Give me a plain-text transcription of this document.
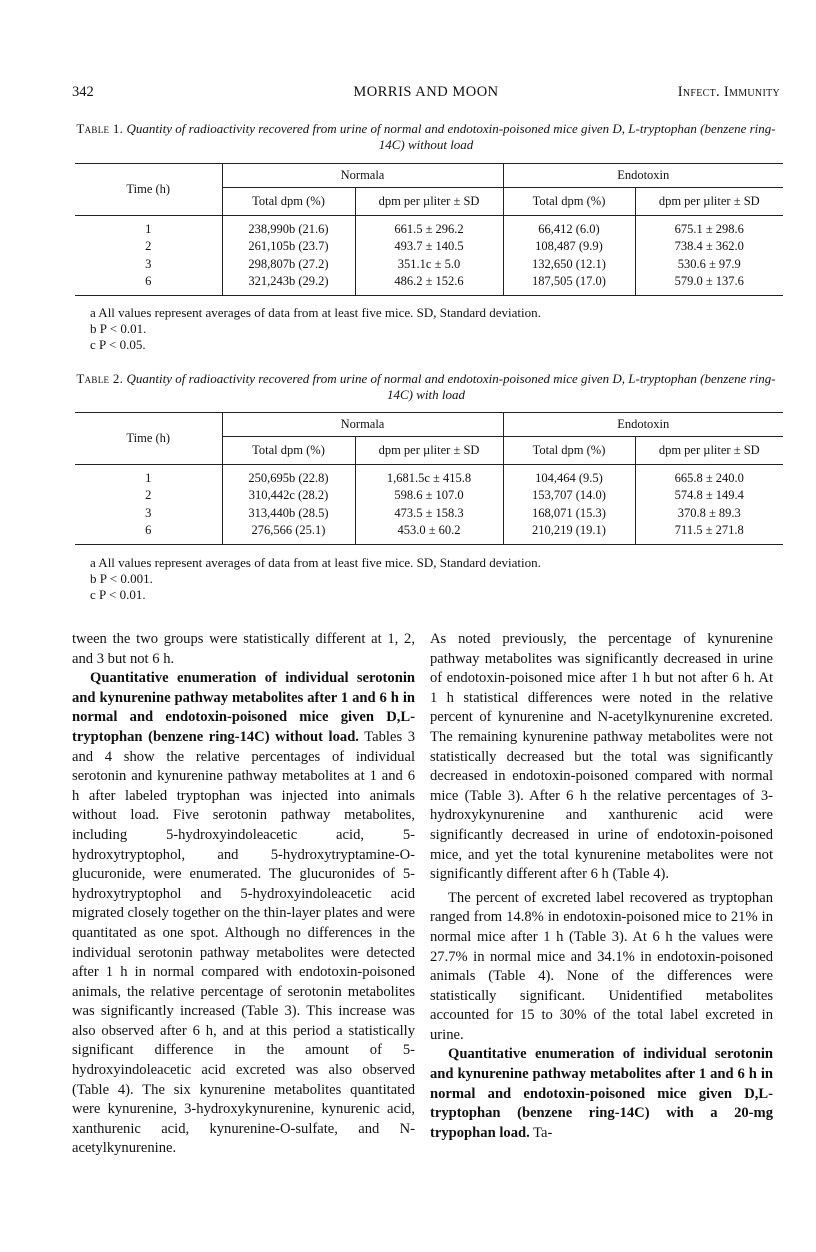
342	MORRIS AND MOON	Infect. Immunity
Table 1. Quantity of radioactivity recovered from urine of normal and endotoxin-poisoned mice given D, L-tryptophan (benzene ring-14C) without load
Time (h)	Normala		Endotoxin	
	Total dpm (%)	dpm per µliter ± SD	Total dpm (%)	dpm per µliter ± SD
1	238,990b (21.6)	661.5 ± 296.2	66,412 (6.0)	675.1 ± 298.6
2	261,105b (23.7)	493.7 ± 140.5	108,487 (9.9)	738.4 ± 362.0
3	298,807b (27.2)	351.1c ± 5.0	132,650 (12.1)	530.6 ± 97.9
6	321,243b (29.2)	486.2 ± 152.6	187,505 (17.0)	579.0 ± 137.6
a All values represent averages of data from at least five mice. SD, Standard deviation.
b P < 0.01.
c P < 0.05.
Table 2. Quantity of radioactivity recovered from urine of normal and endotoxin-poisoned mice given D, L-tryptophan (benzene ring-14C) with load
Time (h)	Normala		Endotoxin	
	Total dpm (%)	dpm per µliter ± SD	Total dpm (%)	dpm per µliter ± SD
1	250,695b (22.8)	1,681.5c ± 415.8	104,464 (9.5)	665.8 ± 240.0
2	310,442c (28.2)	598.6 ± 107.0	153,707 (14.0)	574.8 ± 149.4
3	313,440b (28.5)	473.5 ± 158.3	168,071 (15.3)	370.8 ± 89.3
6	276,566 (25.1)	453.0 ± 60.2	210,219 (19.1)	711.5 ± 271.8
a All values represent averages of data from at least five mice. SD, Standard deviation.
b P < 0.001.
c P < 0.01.

tween the two groups were statistically different at 1, 2, and 3 but not 6 h.

Quantitative enumeration of individual serotonin and kynurenine pathway metabolites after 1 and 6 h in normal and endotoxin-poisoned mice given D,L-tryptophan (benzene ring-14C) without load. Tables 3 and 4 show the relative percentages of individual serotonin and kynurenine pathway metabolites at 1 and 6 h after labeled tryptophan was injected into animals without load. Five serotonin pathway metabolites, including 5-hydroxyindoleacetic acid, 5-hydroxytryptophol, and 5-hydroxytryptamine-O-glucuronide, were enumerated. The glucuronides of 5-hydroxytryptophol and 5-hydroxyindoleacetic acid migrated closely together on the thin-layer plates and were quantitated as one spot. Although no differences in the individual serotonin pathway metabolites were detected after 1 h in normal compared with endotoxin-poisoned animals, the relative percentage of serotonin metabolites was significantly increased (Table 3). This increase was also observed after 6 h, and at this period a statistically significant difference in the amount of 5-hydroxyindoleacetic acid excreted was also observed (Table 4). The six kynurenine metabolites quantitated were kynurenine, 3-hydroxykynurenine, kynurenic acid, xanthurenic acid, kynurenine-O-sulfate, and N-acetylkynurenine.

As noted previously, the percentage of kynurenine pathway metabolites was significantly decreased in urine of endotoxin-poisoned mice after 1 h but not after 6 h. At 1 h statistical differences were noted in the relative percent of kynurenine and N-acetylkynurenine excreted. The remaining kynurenine pathway metabolites were not statistically decreased but the total was significantly decreased in endotoxin-poisoned compared with normal mice (Table 3). After 6 h the relative percentages of 3-hydroxykynurenine and xanthurenic acid were significantly decreased in urine of endotoxin-poisoned mice, and yet the total kynurenine metabolites were not significantly different after 6 h (Table 4).

The percent of excreted label recovered as tryptophan ranged from 14.8% in endotoxin-poisoned mice to 21% in normal mice after 1 h (Table 3). At 6 h the values were 27.7% in normal mice and 34.1% in endotoxin-poisoned animals (Table 4). None of the differences were statistically significant. Unidentified metabolites accounted for 15 to 30% of the total label excreted in urine.

Quantitative enumeration of individual serotonin and kynurenine pathway metabolites after 1 and 6 h in normal and endotoxin-poisoned mice given D,L-tryptophan (benzene ring-14C) with a 20-mg trypophan load. Ta-
